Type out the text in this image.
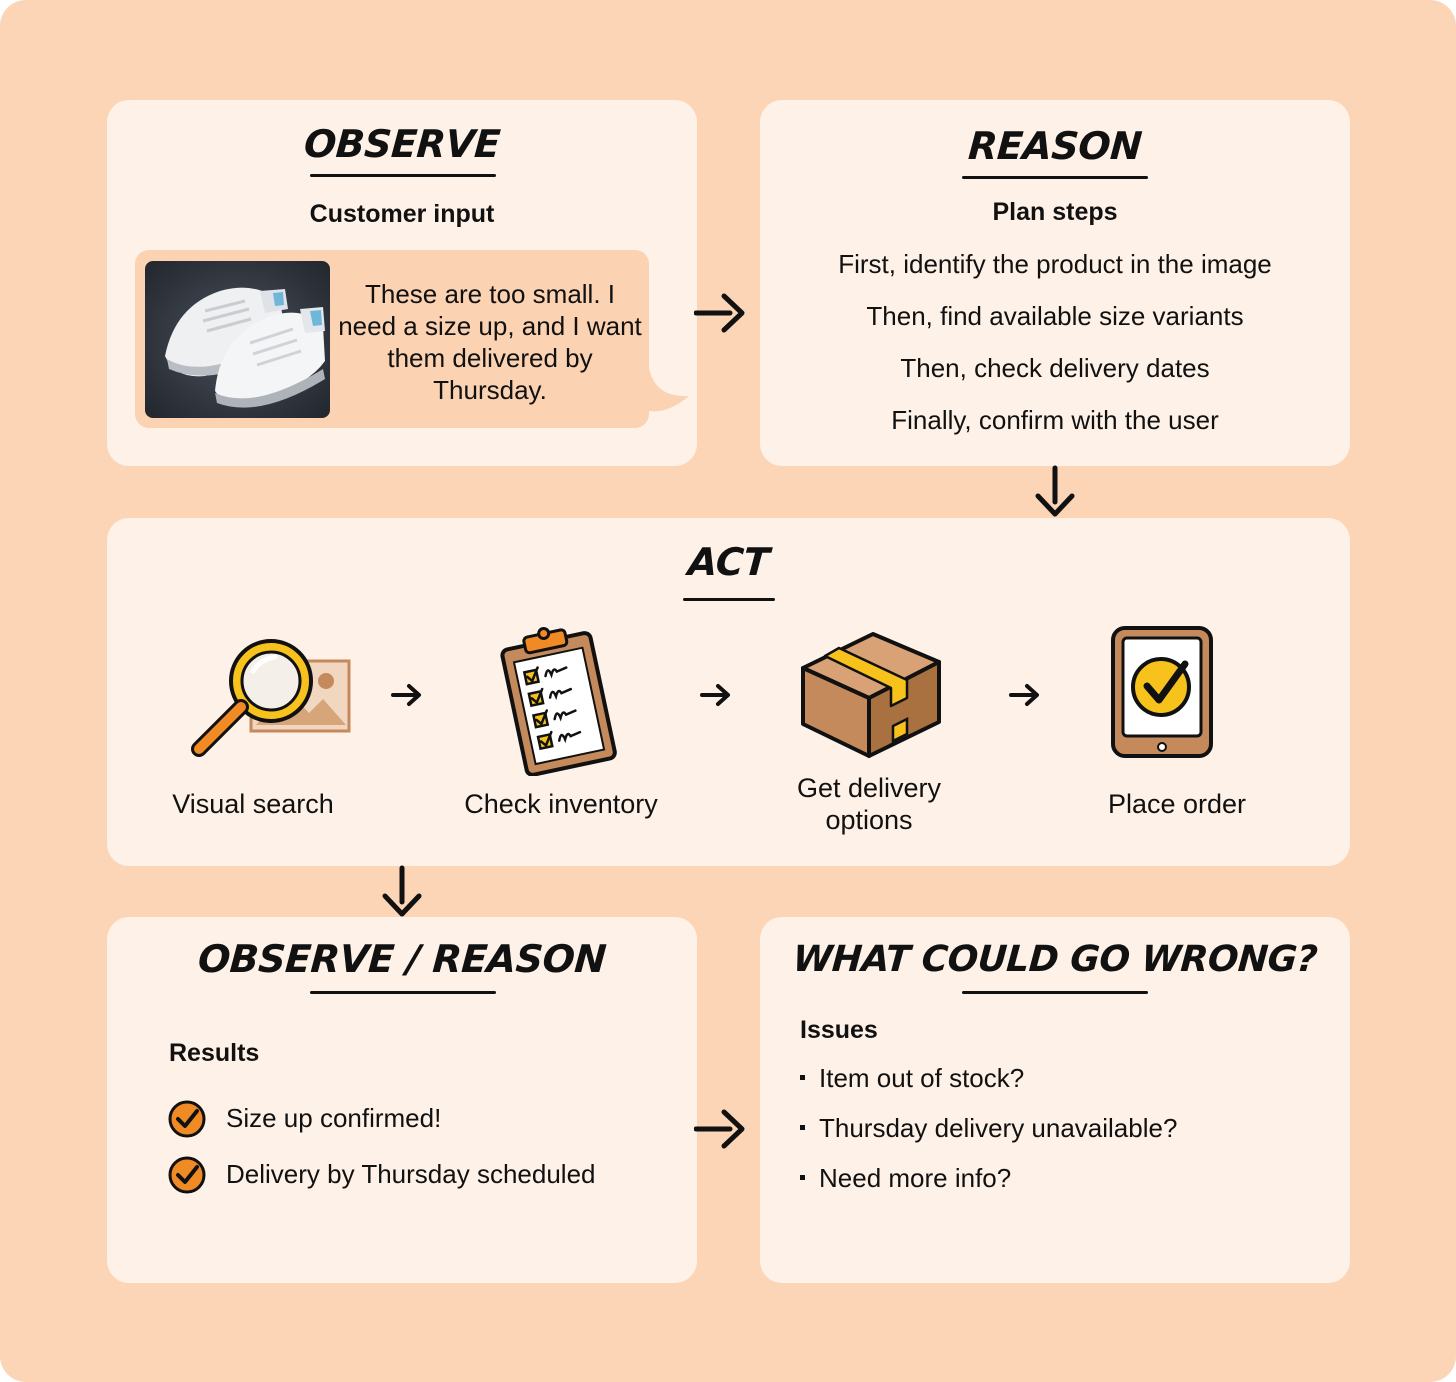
OBSERVE
Customer input
These are too small. I need a size up, and I want them delivered by Thursday.
REASON
Plan steps
First, identify the product in the image
Then, find available size variants
Then, check delivery dates
Finally, confirm with the user
ACT
Visual search	Check inventory
Get delivery options
Place order
OBSERVE / REASON
Results
Size up confirmed!
Delivery by Thursday scheduled
WHAT COULD GO WRONG?
Issues
Item out of stock?
Thursday delivery unavailable?
Need more info?
